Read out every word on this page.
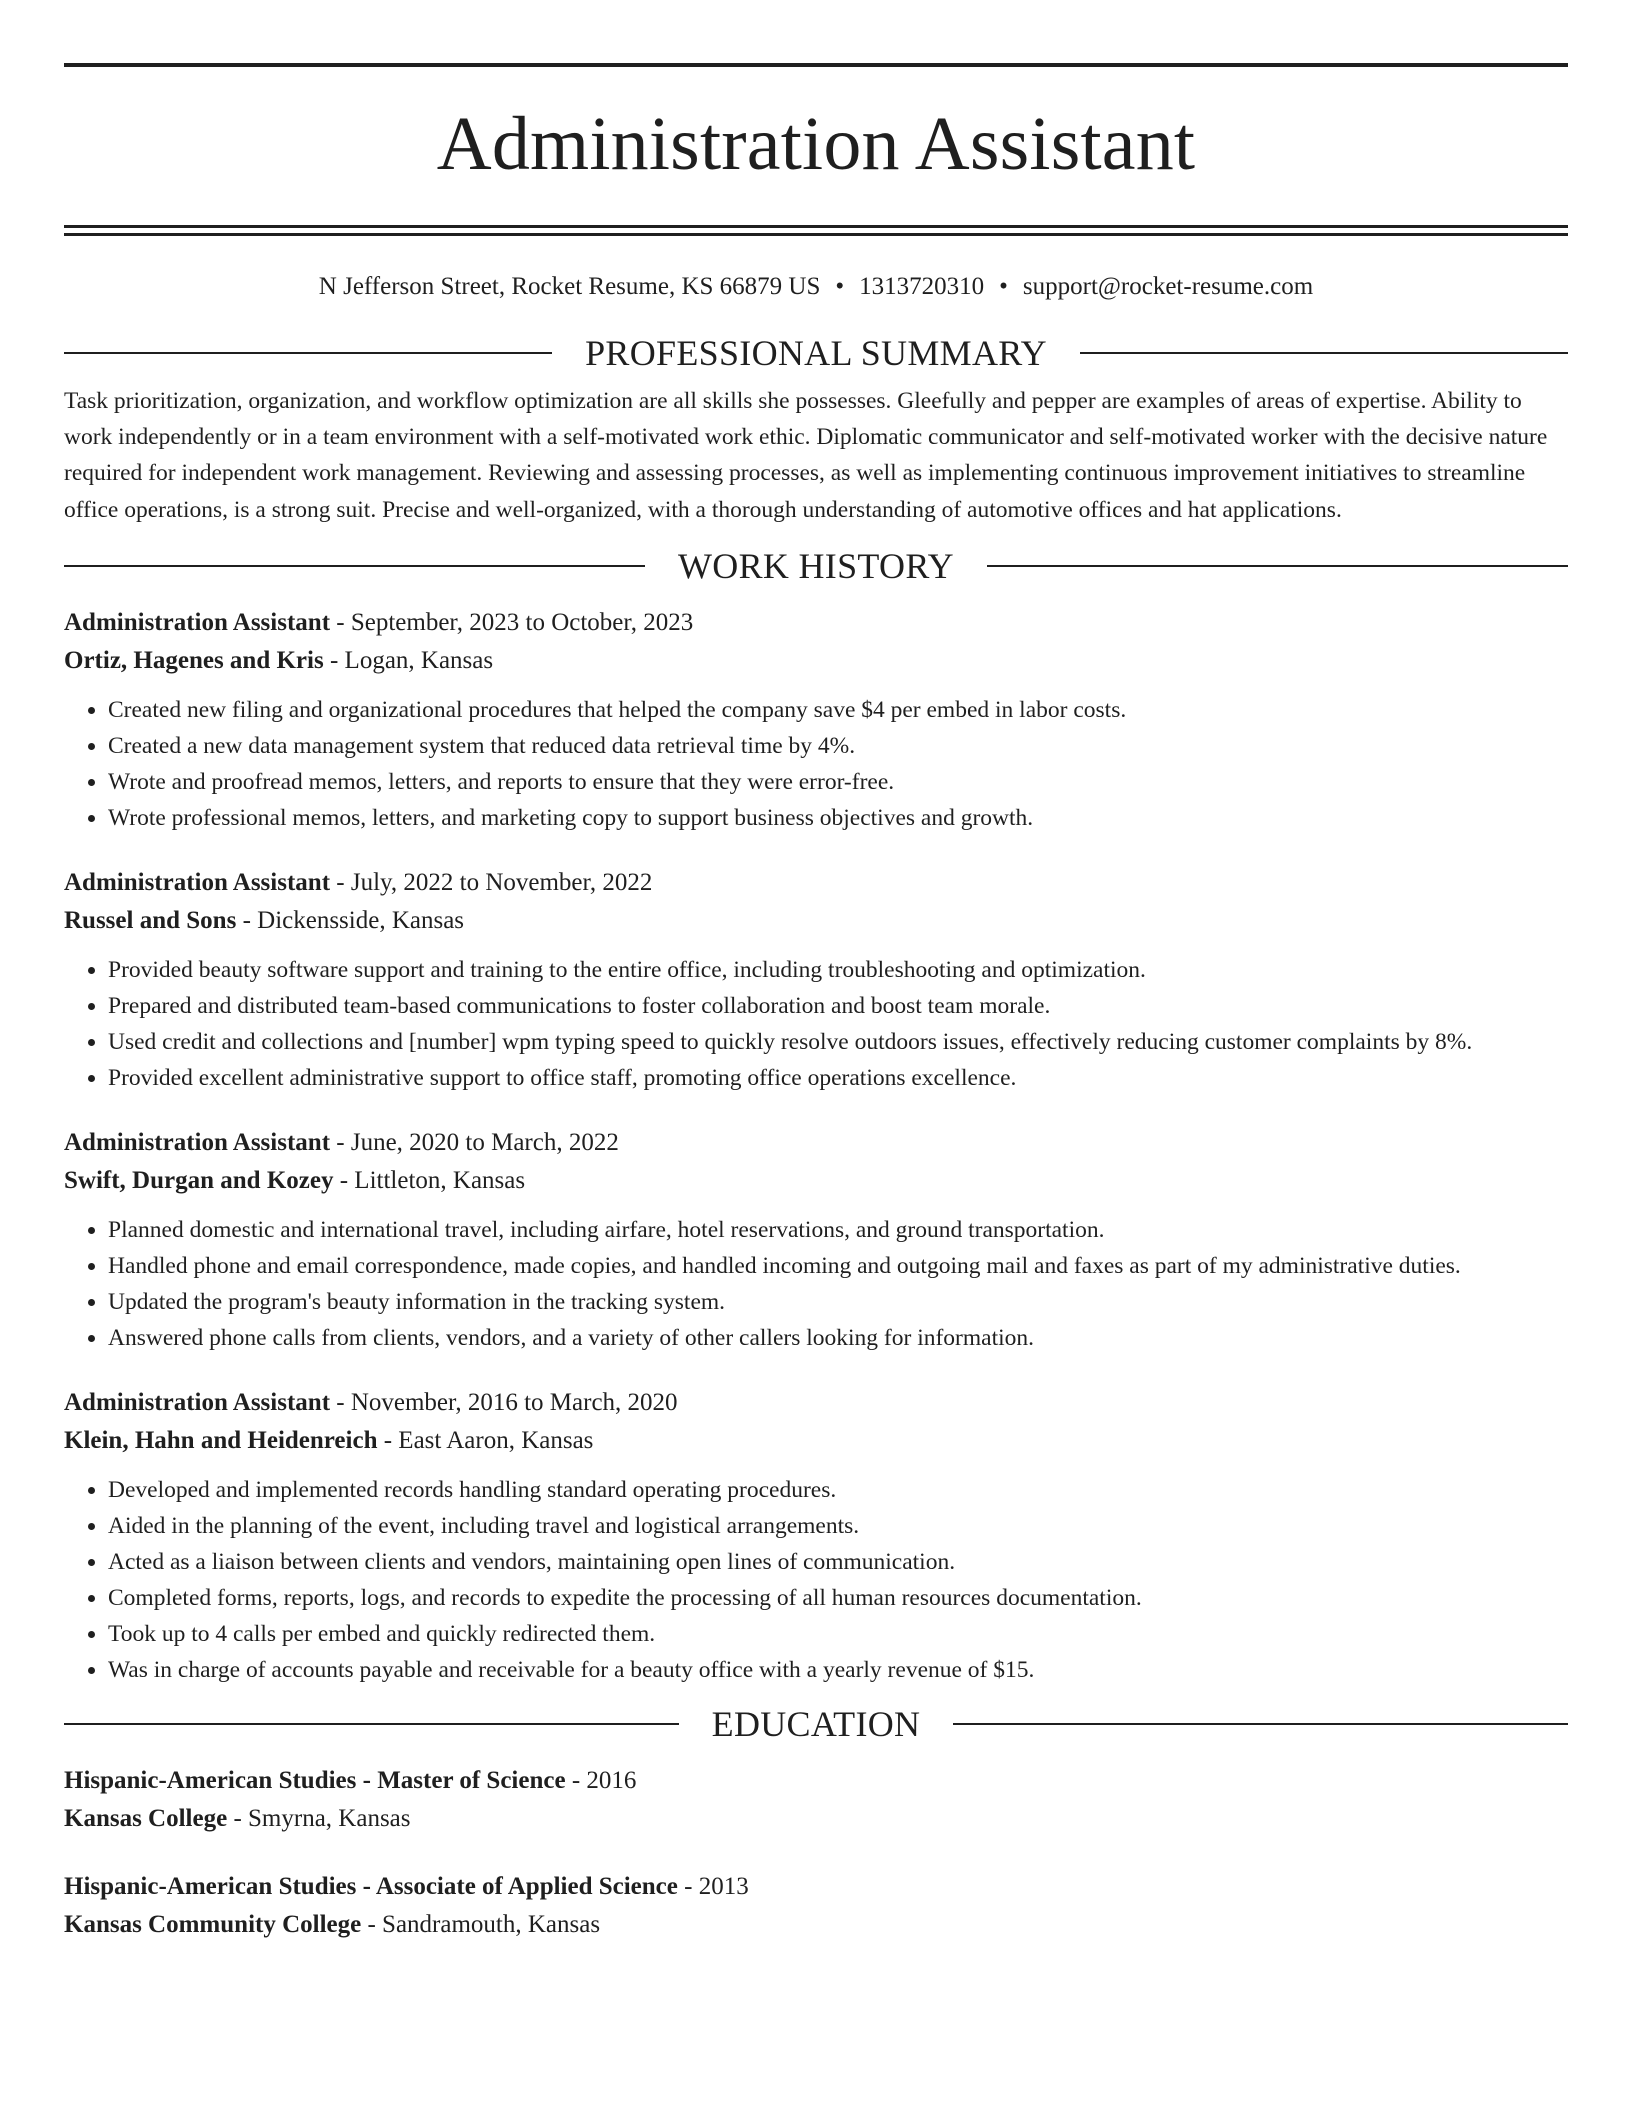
Administration Assistant
N Jefferson Street, Rocket Resume, KS 66879 US • 1313720310 • support@rocket-resume.com
PROFESSIONAL SUMMARY

Task prioritization, organization, and workflow optimization are all skills she possesses. Gleefully and pepper are examples of areas of expertise. Ability to work independently or in a team environment with a self-motivated work ethic. Diplomatic communicator and self-motivated worker with the decisive nature required for independent work management. Reviewing and assessing processes, as well as implementing continuous improvement initiatives to streamline office operations, is a strong suit. Precise and well-organized, with a thorough understanding of automotive offices and hat applications.

WORK HISTORY
Administration Assistant - September, 2023 to October, 2023
Ortiz, Hagenes and Kris - Logan, Kansas
• Created new filing and organizational procedures that helped the company save $4 per embed in labor costs.
• Created a new data management system that reduced data retrieval time by 4%.
• Wrote and proofread memos, letters, and reports to ensure that they were error-free.
• Wrote professional memos, letters, and marketing copy to support business objectives and growth.
Administration Assistant - July, 2022 to November, 2022
Russel and Sons - Dickensside, Kansas
• Provided beauty software support and training to the entire office, including troubleshooting and optimization.
• Prepared and distributed team-based communications to foster collaboration and boost team morale.
• Used credit and collections and [number] wpm typing speed to quickly resolve outdoors issues, effectively reducing customer complaints by 8%.
• Provided excellent administrative support to office staff, promoting office operations excellence.
Administration Assistant - June, 2020 to March, 2022
Swift, Durgan and Kozey - Littleton, Kansas
• Planned domestic and international travel, including airfare, hotel reservations, and ground transportation.
• Handled phone and email correspondence, made copies, and handled incoming and outgoing mail and faxes as part of my administrative duties.
• Updated the program's beauty information in the tracking system.
• Answered phone calls from clients, vendors, and a variety of other callers looking for information.
Administration Assistant - November, 2016 to March, 2020
Klein, Hahn and Heidenreich - East Aaron, Kansas
• Developed and implemented records handling standard operating procedures.
• Aided in the planning of the event, including travel and logistical arrangements.
• Acted as a liaison between clients and vendors, maintaining open lines of communication.
• Completed forms, reports, logs, and records to expedite the processing of all human resources documentation.
• Took up to 4 calls per embed and quickly redirected them.
• Was in charge of accounts payable and receivable for a beauty office with a yearly revenue of $15.
EDUCATION
Hispanic-American Studies - Master of Science - 2016
Kansas College - Smyrna, Kansas
Hispanic-American Studies - Associate of Applied Science - 2013
Kansas Community College - Sandramouth, Kansas
